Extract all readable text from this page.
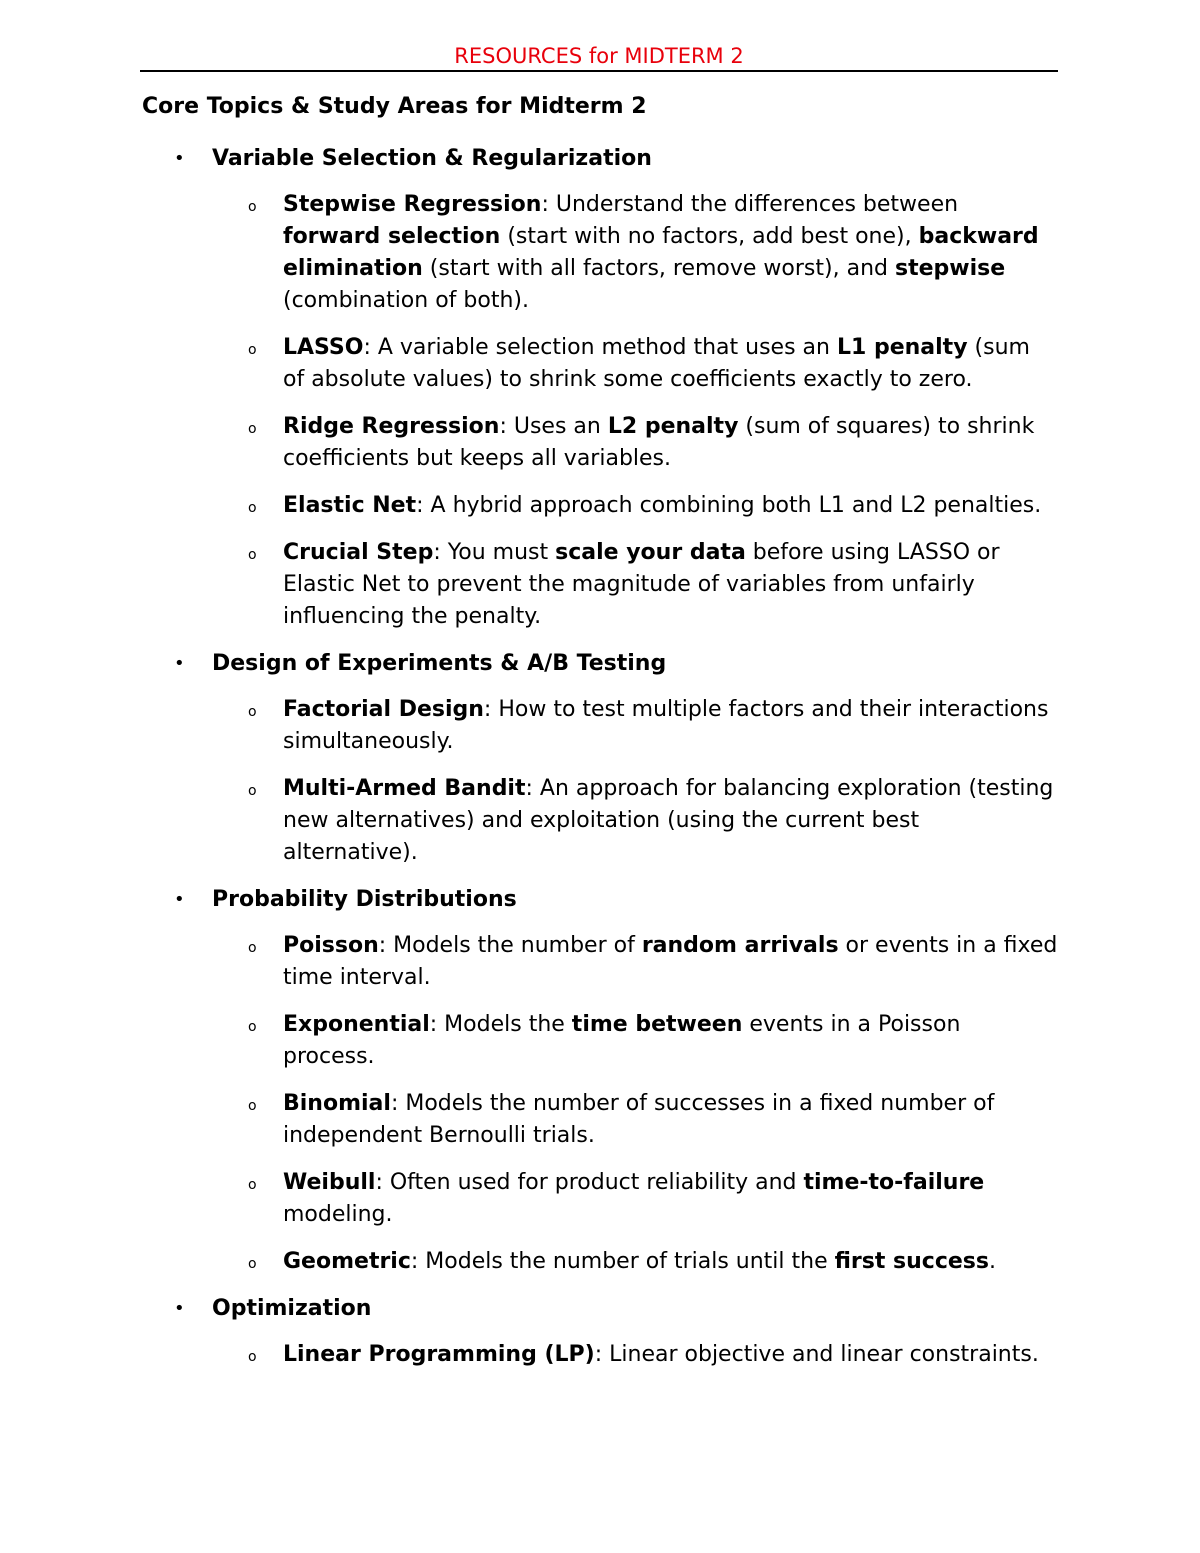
RESOURCES for MIDTERM 2
Core Topics & Study Areas for Midterm 2
• Variable Selection & Regularization
o Stepwise Regression: Understand the differences between forward selection (start with no factors, add best one), backward elimination (start with all factors, remove worst), and stepwise (combination of both).
o LASSO: A variable selection method that uses an L1 penalty (sum of absolute values) to shrink some coefficients exactly to zero.
o Ridge Regression: Uses an L2 penalty (sum of squares) to shrink coefficients but keeps all variables.
o Elastic Net: A hybrid approach combining both L1 and L2 penalties.
o Crucial Step: You must scale your data before using LASSO or Elastic Net to prevent the magnitude of variables from unfairly influencing the penalty.
• Design of Experiments & A/B Testing
o Factorial Design: How to test multiple factors and their interactions simultaneously.
o Multi-Armed Bandit: An approach for balancing exploration (testing new alternatives) and exploitation (using the current best alternative).
• Probability Distributions
o Poisson: Models the number of random arrivals or events in a fixed time interval.
o Exponential: Models the time between events in a Poisson process.
o Binomial: Models the number of successes in a fixed number of independent Bernoulli trials.
o Weibull: Often used for product reliability and time-to-failure modeling.
o Geometric: Models the number of trials until the first success.
• Optimization
o Linear Programming (LP): Linear objective and linear constraints.
